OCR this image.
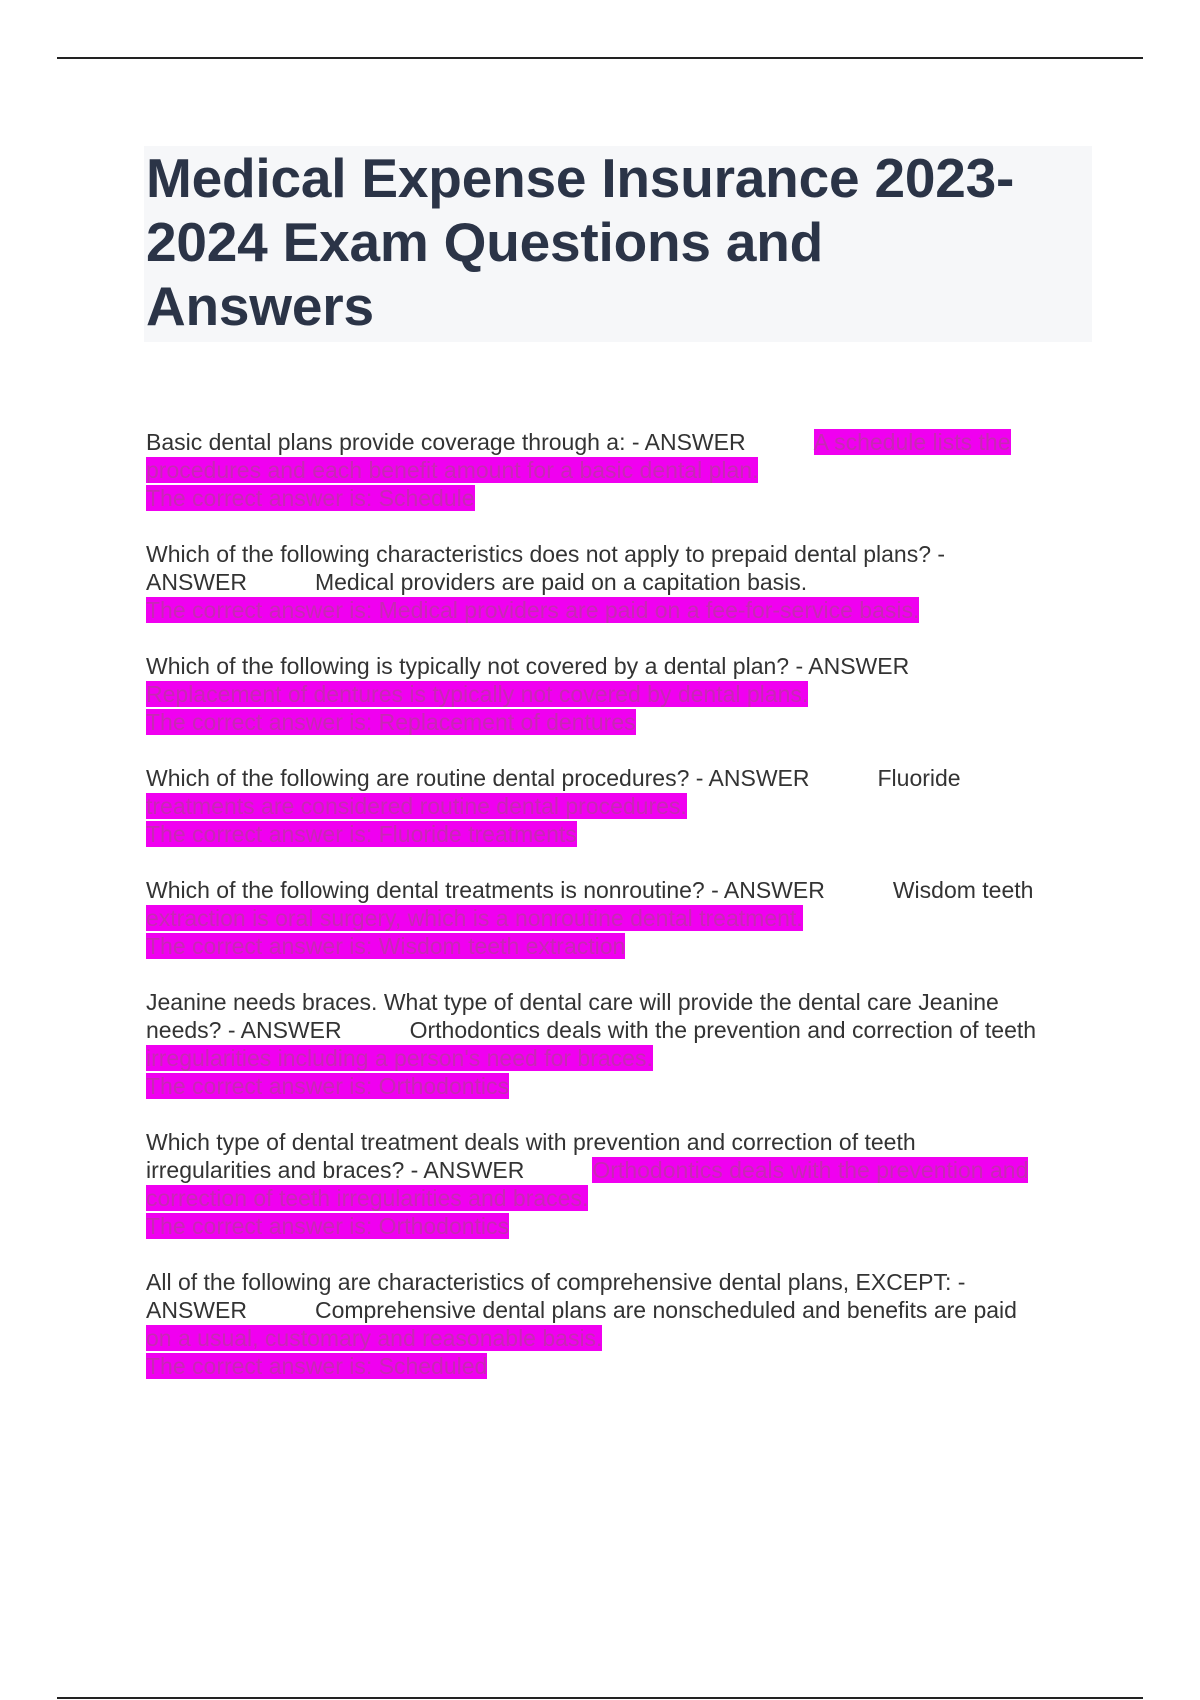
Medical Expense Insurance 2023-
2024 Exam Questions and
Answers
Basic dental plans provide coverage through a: - ANSWER	A schedule lists the
procedures and each benefit amount for a basic dental plan.
The correct answer is: Schedule
Which of the following characteristics does not apply to prepaid dental plans? -
ANSWER	Medical providers are paid on a capitation basis.
The correct answer is: Medical providers are paid on a fee-for-service basis.
Which of the following is typically not covered by a dental plan? - ANSWER
Replacement of dentures is typically not covered by dental plans.
The correct answer is: Replacement of dentures
Which of the following are routine dental procedures? - ANSWER	Fluoride
treatments are considered routine dental procedures.
The correct answer is: Fluoride treatments
Which of the following dental treatments is nonroutine? - ANSWER	Wisdom teeth
extraction is oral surgery, which is a nonroutine dental treatment.
The correct answer is: Wisdom teeth extraction
Jeanine needs braces. What type of dental care will provide the dental care Jeanine
needs? - ANSWER	Orthodontics deals with the prevention and correction of teeth
irregularities including a person's need for braces.
The correct answer is: Orthodontics
Which type of dental treatment deals with prevention and correction of teeth
irregularities and braces? - ANSWER	Orthodontics deals with the prevention and
correction of teeth irregularities and braces.
The correct answer is: Orthodontics
All of the following are characteristics of comprehensive dental plans, EXCEPT: -
ANSWER	Comprehensive dental plans are nonscheduled and benefits are paid
on a usual, customary and reasonable basis.
The correct answer is: Scheduled
